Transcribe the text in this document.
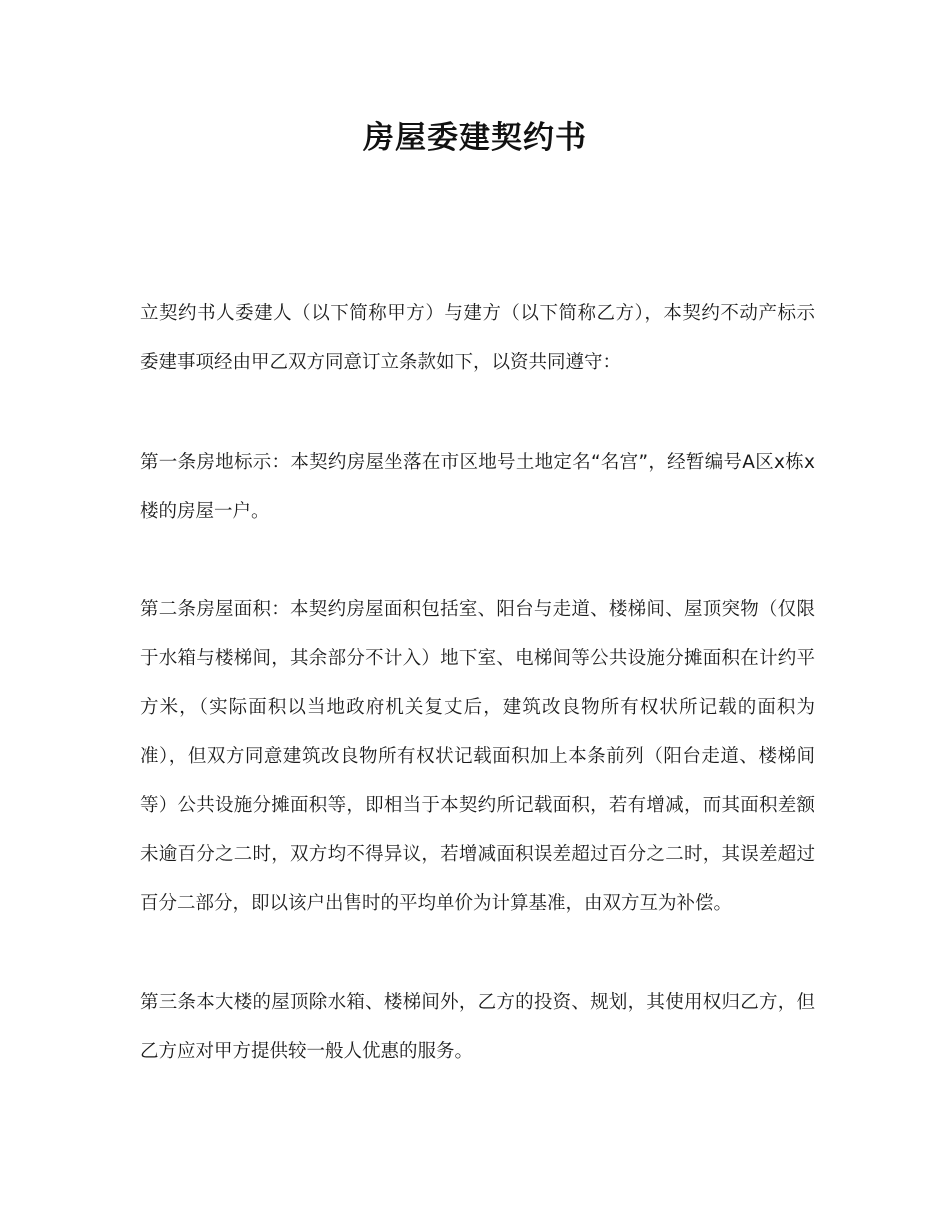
房屋委建契约书

立契约书人委建人（以下简称甲方）与建方（以下简称乙方），本契约不动产标示委建事项经由甲乙双方同意订立条款如下，以资共同遵守：

第一条房地标示：本契约房屋坐落在市区地号土地定名“名宫”，经暂编号A区x栋x楼的房屋一户。

第二条房屋面积：本契约房屋面积包括室、阳台与走道、楼梯间、屋顶突物（仅限于水箱与楼梯间，其余部分不计入）地下室、电梯间等公共设施分摊面积在计约平方米，（实际面积以当地政府机关复丈后，建筑改良物所有权状所记载的面积为准），但双方同意建筑改良物所有权状记载面积加上本条前列（阳台走道、楼梯间等）公共设施分摊面积等，即相当于本契约所记载面积，若有增减，而其面积差额未逾百分之二时，双方均不得异议，若增减面积误差超过百分之二时，其误差超过百分二部分，即以该户出售时的平均单价为计算基准，由双方互为补偿。

第三条本大楼的屋顶除水箱、楼梯间外，乙方的投资、规划，其使用权归乙方，但乙方应对甲方提供较一般人优惠的服务。
